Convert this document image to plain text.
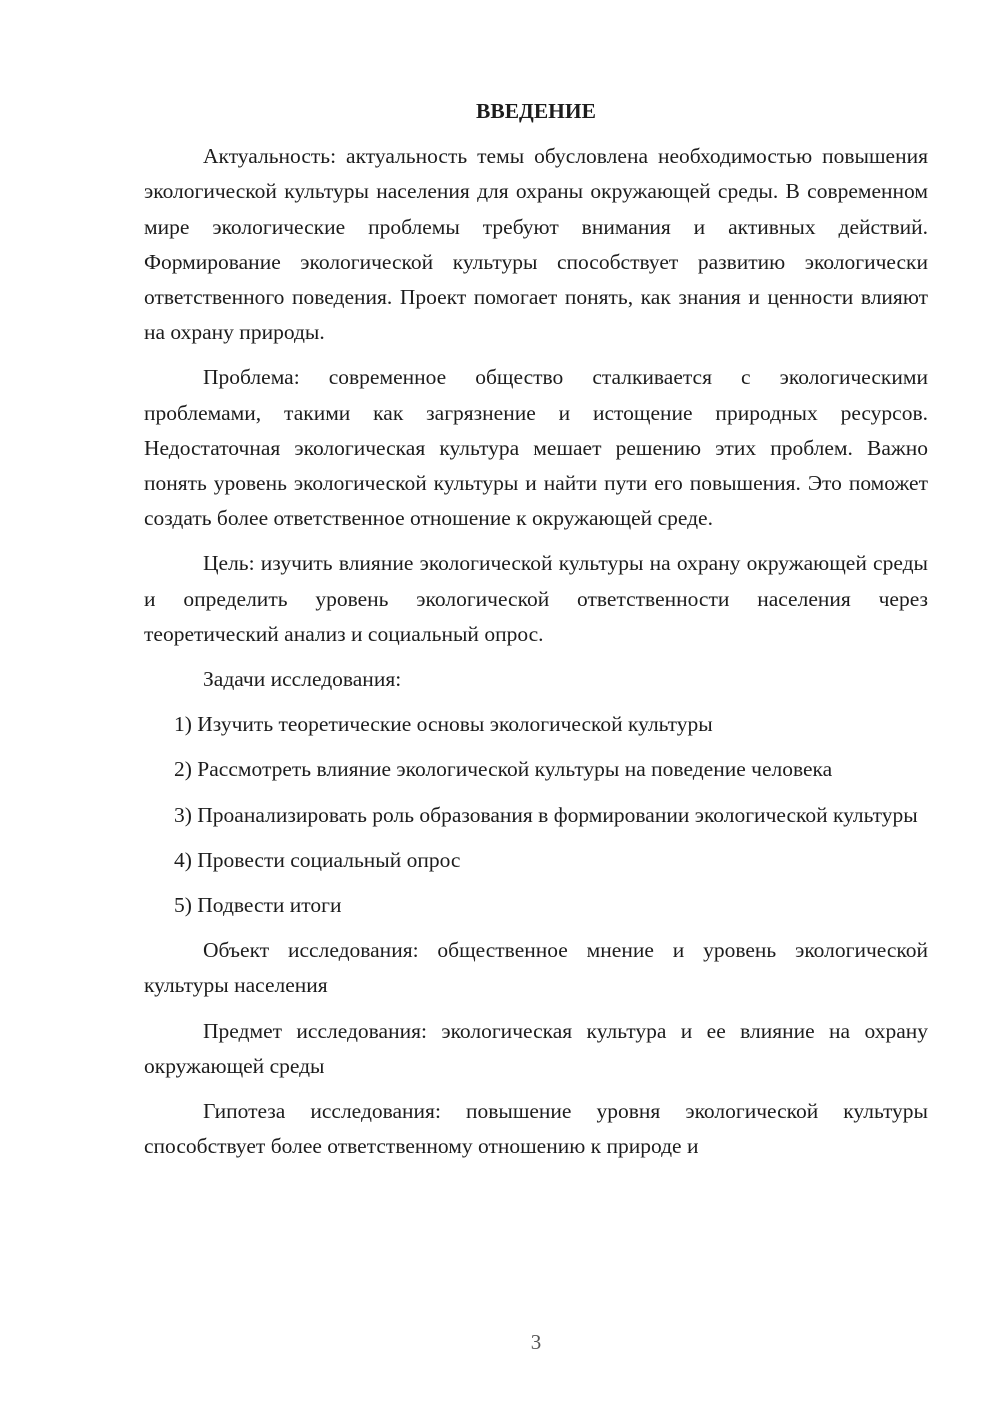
ВВЕДЕНИЕ

Актуальность: актуальность темы обусловлена необходимостью повышения экологической культуры населения для охраны окружающей среды. В современном мире экологические проблемы требуют внимания и активных действий. Формирование экологической культуры способствует развитию экологически ответственного поведения. Проект помогает понять, как знания и ценности влияют на охрану природы.

Проблема: современное общество сталкивается с экологическими проблемами, такими как загрязнение и истощение природных ресурсов. Недостаточная экологическая культура мешает решению этих проблем. Важно понять уровень экологической культуры и найти пути его повышения. Это поможет создать более ответственное отношение к окружающей среде.

Цель: изучить влияние экологической культуры на охрану окружающей среды и определить уровень экологической ответственности населения через теоретический анализ и социальный опрос.

Задачи исследования:

1) Изучить теоретические основы экологической культуры

2) Рассмотреть влияние экологической культуры на поведение человека

3) Проанализировать роль образования в формировании экологической культуры

4) Провести социальный опрос

5) Подвести итоги

Объект исследования: общественное мнение и уровень экологической культуры населения

Предмет исследования: экологическая культура и ее влияние на охрану окружающей среды

Гипотеза исследования: повышение уровня экологической культуры способствует более ответственному отношению к природе и

3
